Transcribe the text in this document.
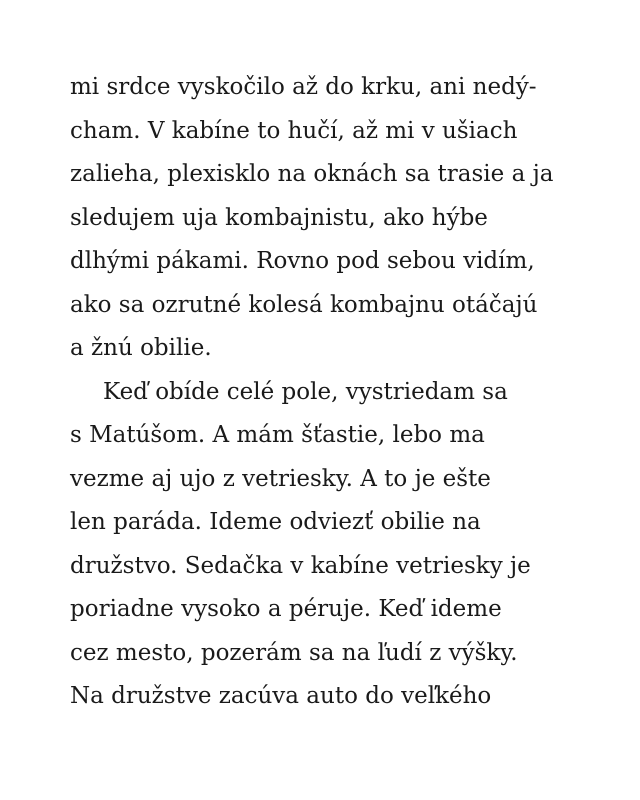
mi srdce vyskočilo až do krku, ani nedý-
cham. V kabíne to hučí, až mi v ušiach
zalieha, plexisklo na oknách sa trasie a ja
sledujem uja kombajnistu, ako hýbe
dlhými pákami. Rovno pod sebou vidím,
ako sa ozrutné kolesá kombajnu otáčajú
a žnú obilie.
Keď obíde celé pole, vystriedam sa
s Matúšom. A mám šťastie, lebo ma
vezme aj ujo z vetriesky. A to je ešte
len paráda. Ideme odviezť obilie na
družstvo. Sedačka v kabíne vetriesky je
poriadne vysoko a péruje. Keď ideme
cez mesto, pozerám sa na ľudí z výšky.
Na družstve zacúva auto do veľkého
